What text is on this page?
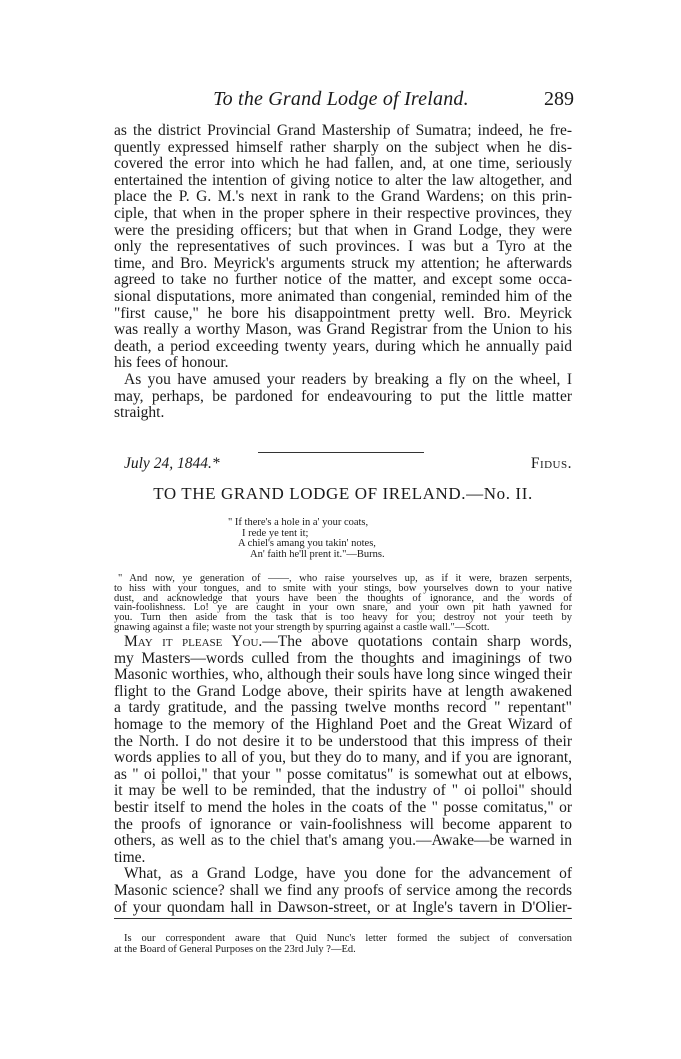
To the Grand Lodge of Ireland.	289
as the district Provincial Grand Mastership of Sumatra; indeed, he fre-
quently expressed himself rather sharply on the subject when he dis-
covered the error into which he had fallen, and, at one time, seriously
entertained the intention of giving notice to alter the law altogether, and
place the P. G. M.'s next in rank to the Grand Wardens; on this prin-
ciple, that when in the proper sphere in their respective provinces, they
were the presiding officers; but that when in Grand Lodge, they were
only the representatives of such provinces. I was but a Tyro at the
time, and Bro. Meyrick's arguments struck my attention; he afterwards
agreed to take no further notice of the matter, and except some occa-
sional disputations, more animated than congenial, reminded him of the
"first cause," he bore his disappointment pretty well. Bro. Meyrick
was really a worthy Mason, was Grand Registrar from the Union to his
death, a period exceeding twenty years, during which he annually paid
his fees of honour.
As you have amused your readers by breaking a fly on the wheel, I
may, perhaps, be pardoned for endeavouring to put the little matter
straight.
July 24, 1844.*	Fidus.
TO THE GRAND LODGE OF IRELAND.—No. II.
" If there's a hole in a' your coats,
I rede ye tent it;
A chiel's amang you takin' notes,
An' faith he'll prent it."—Burns.
" And now, ye generation of ——, who raise yourselves up, as if it were, brazen serpents,
to hiss with your tongues, and to smite with your stings, bow yourselves down to your native
dust, and acknowledge that yours have been the thoughts of ignorance, and the words of
vain-foolishness. Lo! ye are caught in your own snare, and your own pit hath yawned for
you. Turn then aside from the task that is too heavy for you; destroy not your teeth by
gnawing against a file; waste not your strength by spurring against a castle wall."—Scott.
May it please You.—The above quotations contain sharp words,
my Masters—words culled from the thoughts and imaginings of two
Masonic worthies, who, although their souls have long since winged their
flight to the Grand Lodge above, their spirits have at length awakened
a tardy gratitude, and the passing twelve months record " repentant"
homage to the memory of the Highland Poet and the Great Wizard of
the North. I do not desire it to be understood that this impress of their
words applies to all of you, but they do to many, and if you are ignorant,
as " oi polloi," that your " posse comitatus" is somewhat out at elbows,
it may be well to be reminded, that the industry of " oi polloi" should
bestir itself to mend the holes in the coats of the " posse comitatus," or
the proofs of ignorance or vain-foolishness will become apparent to
others, as well as to the chiel that's amang you.—Awake—be warned in
time.
What, as a Grand Lodge, have you done for the advancement of
Masonic science? shall we find any proofs of service among the records
of your quondam hall in Dawson-street, or at Ingle's tavern in D'Olier-
Is our correspondent aware that Quid Nunc's letter formed the subject of conversation
at the Board of General Purposes on the 23rd July ?—Ed.
